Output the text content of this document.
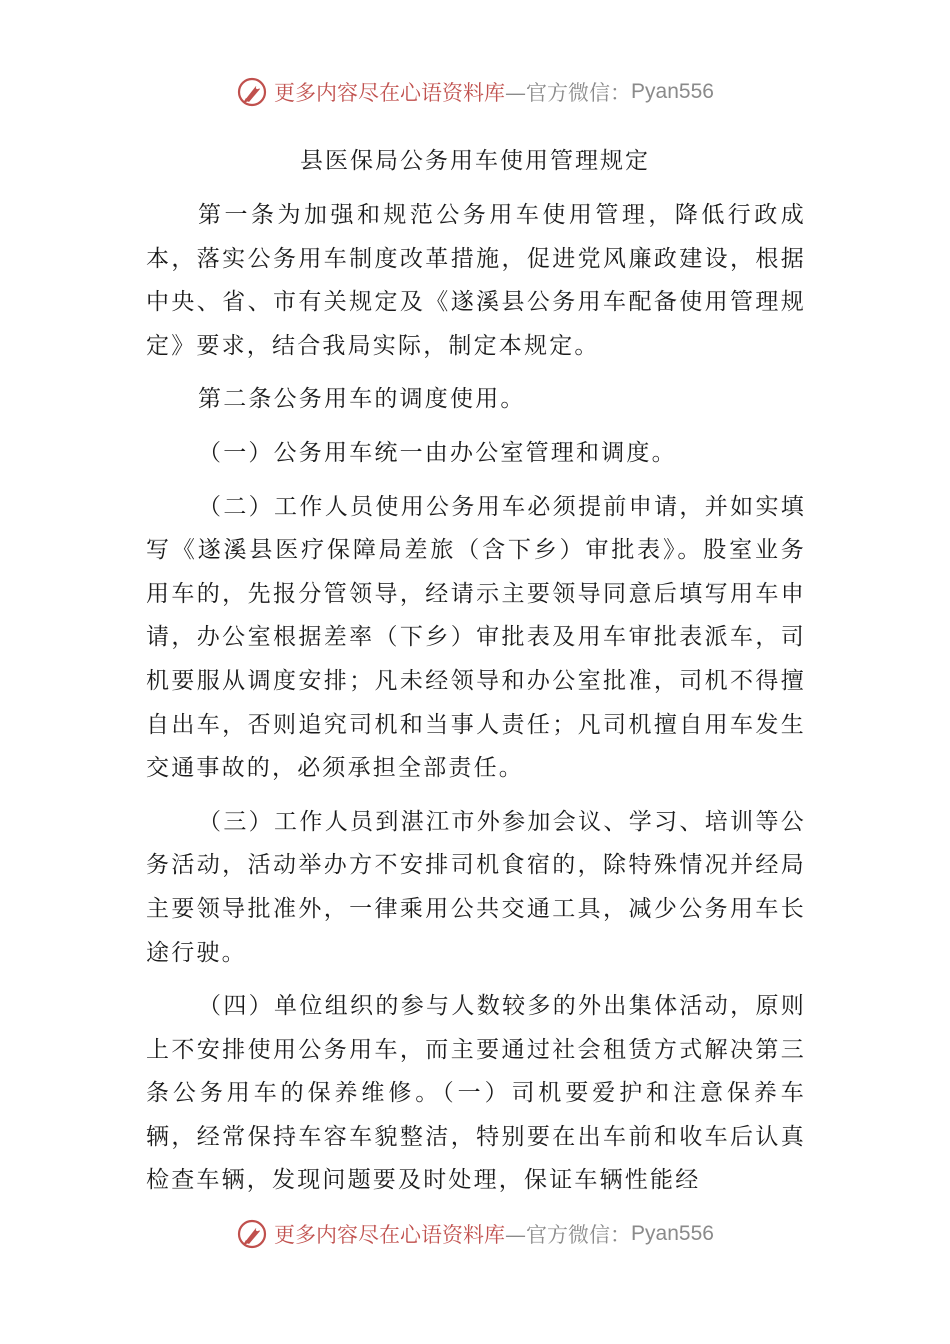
更多内容尽在心语资料库 —官方微信： Pyan556
县医保局公务用车使用管理规定

第一条为加强和规范公务用车使用管理，降低行政成本，落实公务用车制度改革措施，促进党风廉政建设，根据中央、省、市有关规定及《遂溪县公务用车配备使用管理规定》要求，结合我局实际，制定本规定。

第二条公务用车的调度使用。

（一）公务用车统一由办公室管理和调度。

（二）工作人员使用公务用车必须提前申请，并如实填写《遂溪县医疗保障局差旅（含下乡）审批表》。股室业务用车的，先报分管领导，经请示主要领导同意后填写用车申请，办公室根据差率（下乡）审批表及用车审批表派车，司机要服从调度安排；凡未经领导和办公室批准，司机不得擅自出车，否则追究司机和当事人责任；凡司机擅自用车发生交通事故的，必须承担全部责任。

（三）工作人员到湛江市外参加会议、学习、培训等公务活动，活动举办方不安排司机食宿的，除特殊情况并经局主要领导批准外，一律乘用公共交通工具，减少公务用车长途行驶。

（四）单位组织的参与人数较多的外出集体活动，原则上不安排使用公务用车，而主要通过社会租赁方式解决第三条公务用车的保养维修。（一）司机要爱护和注意保养车辆，经常保持车容车貌整洁，特别要在出车前和收车后认真检查车辆，发现问题要及时处理，保证车辆性能经

更多内容尽在心语资料库 —官方微信： Pyan556
